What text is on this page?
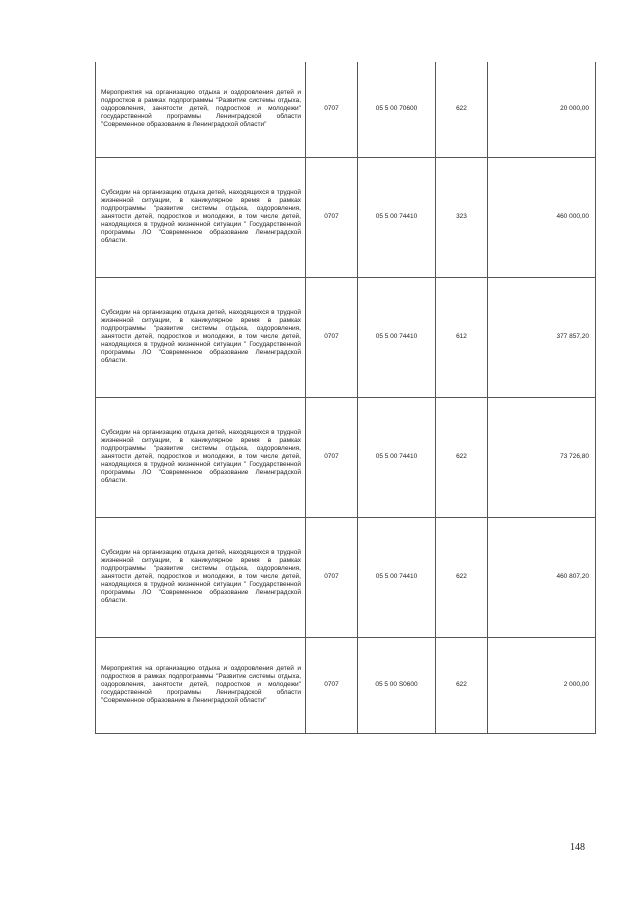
Мероприятия на организацию отдыха и оздоровления детей и подростков в рамках подпрограммы "Развитие системы отдыха, оздоровления, занятости детей, подростков и молодежи" государственной программы Ленинградской области "Современное образование в Ленинградской области"	0707	05 5 00 70600	622	20 000,00
Субсидии на организацию отдыха детей, находящихся в трудной жизненной ситуации, в каникулярное время в рамках подпрограммы "развитие системы отдыха, оздоровления, занятости детей, подростков и молодежи, в том числе детей, находящихся в трудной жизненной ситуации " Государственной программы ЛО "Современное образование Ленинградской области.	0707	05 5 00 74410	323	460 000,00
Субсидии на организацию отдыха детей, находящихся в трудной жизненной ситуации, в каникулярное время в рамках подпрограммы "развитие системы отдыха, оздоровления, занятости детей, подростков и молодежи, в том числе детей, находящихся в трудной жизненной ситуации " Государственной программы ЛО "Современное образование Ленинградской области.	0707	05 5 00 74410	612	377 857,20
Субсидии на организацию отдыха детей, находящихся в трудной жизненной ситуации, в каникулярное время в рамках подпрограммы "развитие системы отдыха, оздоровления, занятости детей, подростков и молодежи, в том числе детей, находящихся в трудной жизненной ситуации " Государственной программы ЛО "Современное образование Ленинградской области.	0707	05 5 00 74410	622	73 726,80
Субсидии на организацию отдыха детей, находящихся в трудной жизненной ситуации, в каникулярное время в рамках подпрограммы "развитие системы отдыха, оздоровления, занятости детей, подростков и молодежи, в том числе детей, находящихся в трудной жизненной ситуации " Государственной программы ЛО "Современное образование Ленинградской области.	0707	05 5 00 74410	622	460 807,20
Мероприятия на организацию отдыха и оздоровления детей и подростков в рамках подпрограммы "Развитие системы отдыха, оздоровления, занятости детей, подростков и молодежи" государственной программы Ленинградской области "Современное образование в Ленинградской области"	0707	05 5 00 S0600	622	2 000,00
148
